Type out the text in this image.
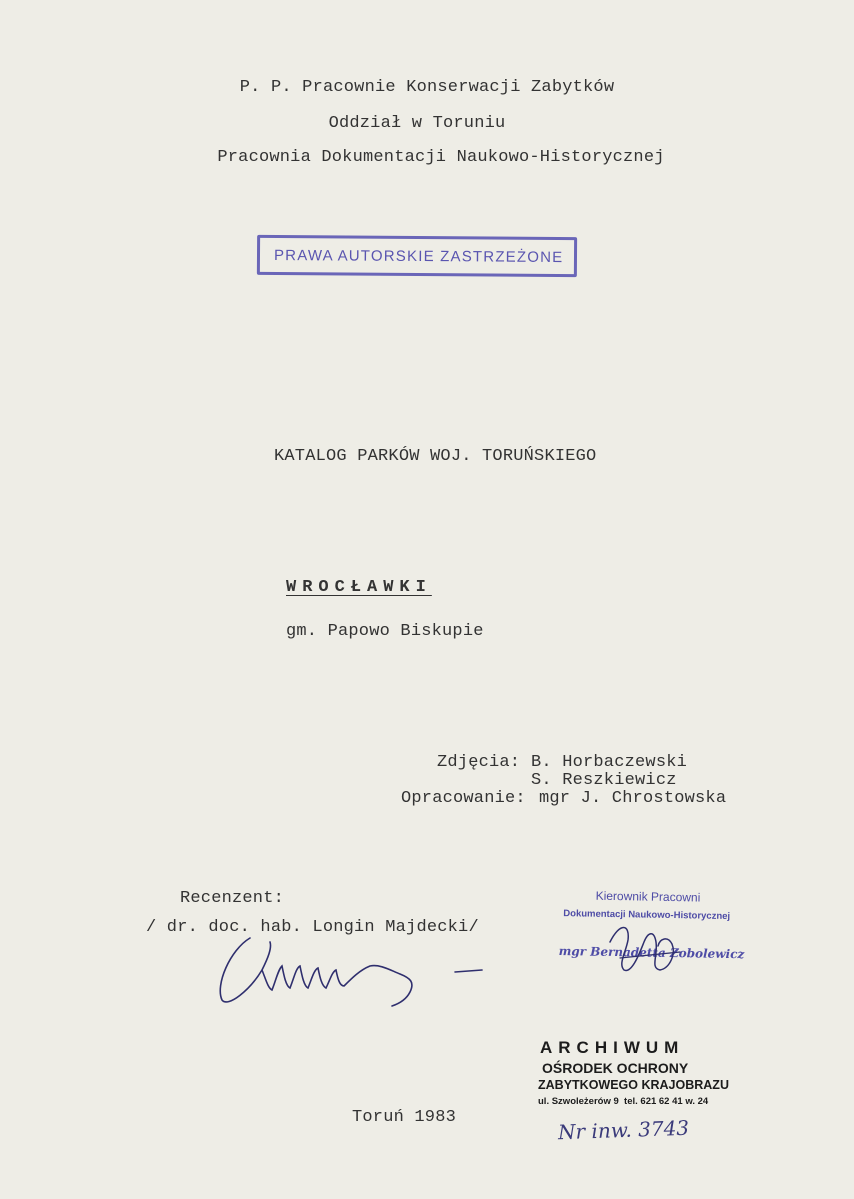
P. P. Pracownie Konserwacji Zabytków
Oddział w Toruniu
Pracownia Dokumentacji Naukowo-Historycznej
PRAWA AUTORSKIE ZASTRZEŻONE
KATALOG PARKÓW WOJ. TORUŃSKIEGO
WROCŁAWKI
gm. Papowo Biskupie
Zdjęcia: B. Horbaczewski
S. Reszkiewicz
Opracowanie: mgr J. Chrostowska
Recenzent:
/ dr. doc. hab. Longin Majdecki/
Kierownik Pracowni
Dokumentacji Naukowo-Historycznej
mgr Bernadetta Zobolewicz
ARCHIWUM
OŚRODEK OCHRONY
ZABYTKOWEGO KRAJOBRAZU
ul. Szwoleżerów 9  tel. 621 62 41 w. 24
Toruń 1983	Nr inw. 3743
